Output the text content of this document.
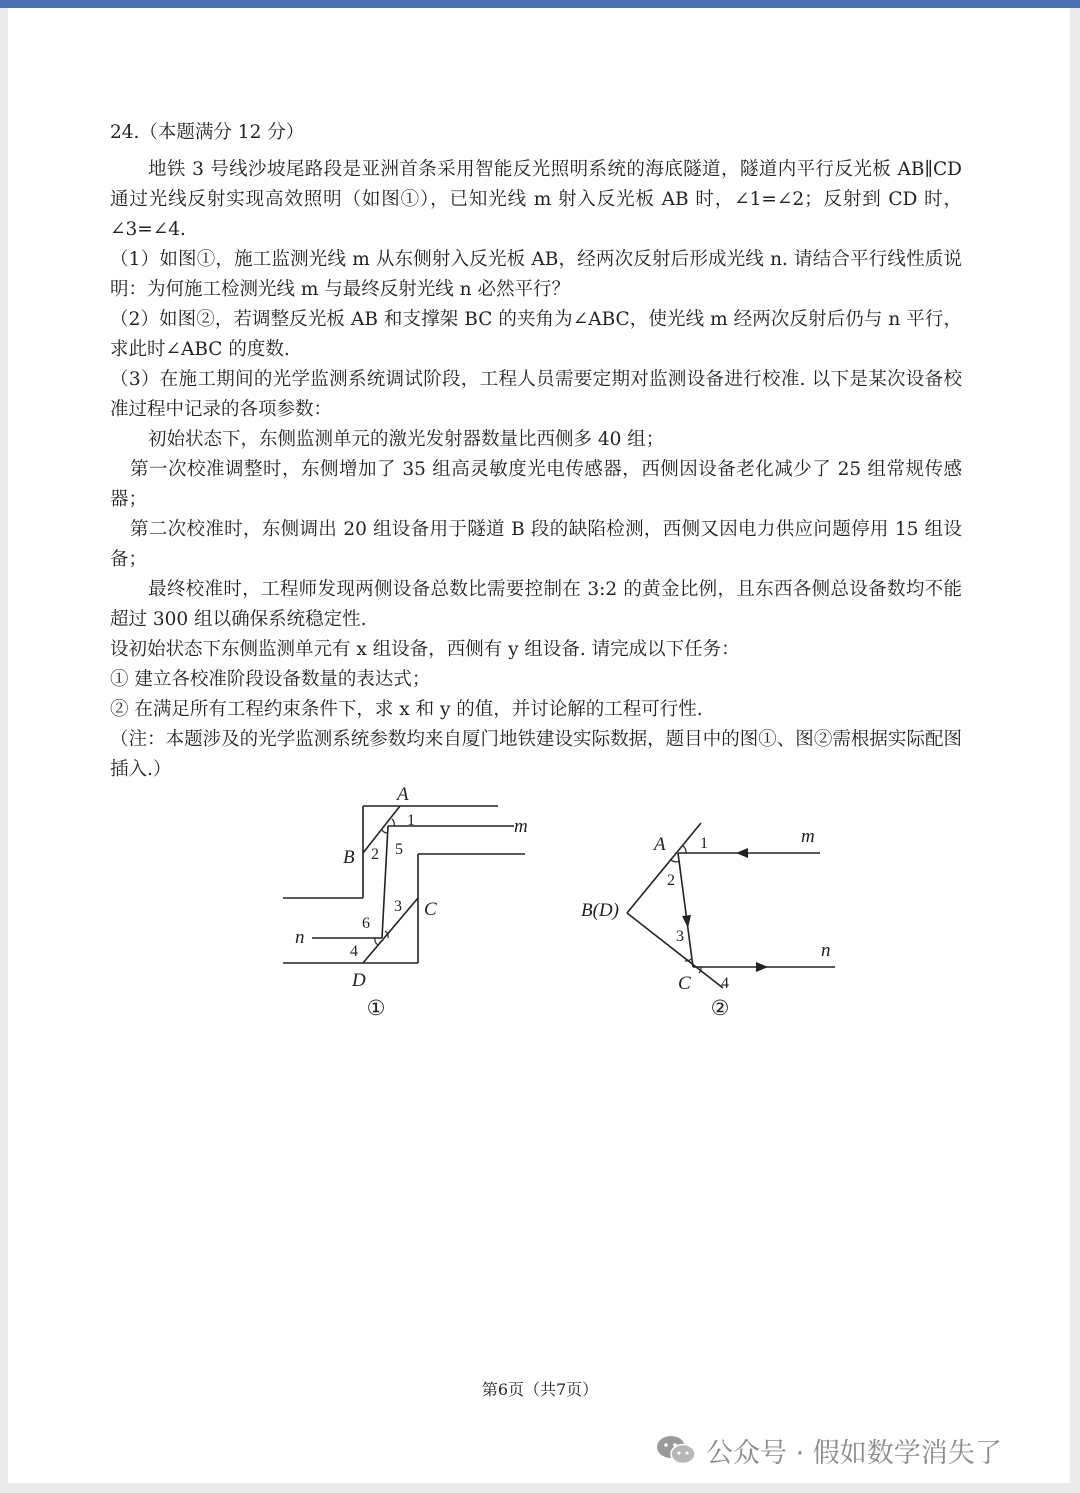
24.（本题满分 12 分）

地铁 3 号线沙坡尾路段是亚洲首条采用智能反光照明系统的海底隧道，隧道内平行反光板 AB∥CD 通过光线反射实现高效照明（如图①），已知光线 m 射入反光板 AB 时，∠1=∠2；反射到 CD 时，∠3=∠4.

（1）如图①，施工监测光线 m 从东侧射入反光板 AB，经两次反射后形成光线 n. 请结合平行线性质说明：为何施工检测光线 m 与最终反射光线 n 必然平行？

（2）如图②，若调整反光板 AB 和支撑架 BC 的夹角为∠ABC，使光线 m 经两次反射后仍与 n 平行，求此时∠ABC 的度数.

（3）在施工期间的光学监测系统调试阶段，工程人员需要定期对监测设备进行校准. 以下是某次设备校准过程中记录的各项参数：

初始状态下，东侧监测单元的激光发射器数量比西侧多 40 组；

第一次校准调整时，东侧增加了 35 组高灵敏度光电传感器，西侧因设备老化减少了 25 组常规传感器；

第二次校准时，东侧调出 20 组设备用于隧道 B 段的缺陷检测，西侧又因电力供应问题停用 15 组设备；

最终校准时，工程师发现两侧设备总数比需要控制在 3:2 的黄金比例，且东西各侧总设备数均不能超过 300 组以确保系统稳定性.

设初始状态下东侧监测单元有 x 组设备，西侧有 y 组设备. 请完成以下任务：

① 建立各校准阶段设备数量的表达式；

② 在满足所有工程约束条件下，求 x 和 y 的值，并讨论解的工程可行性.

（注：本题涉及的光学监测系统参数均来自厦门地铁建设实际数据，题目中的图①、图②需根据实际配图插入.）

A
B
C
D
m
n
A
B(D)
C
m
n
1
2
3
4
5
6
1
2
3
4
①	②
第6页（共7页）
公众号 · 假如数学消失了
